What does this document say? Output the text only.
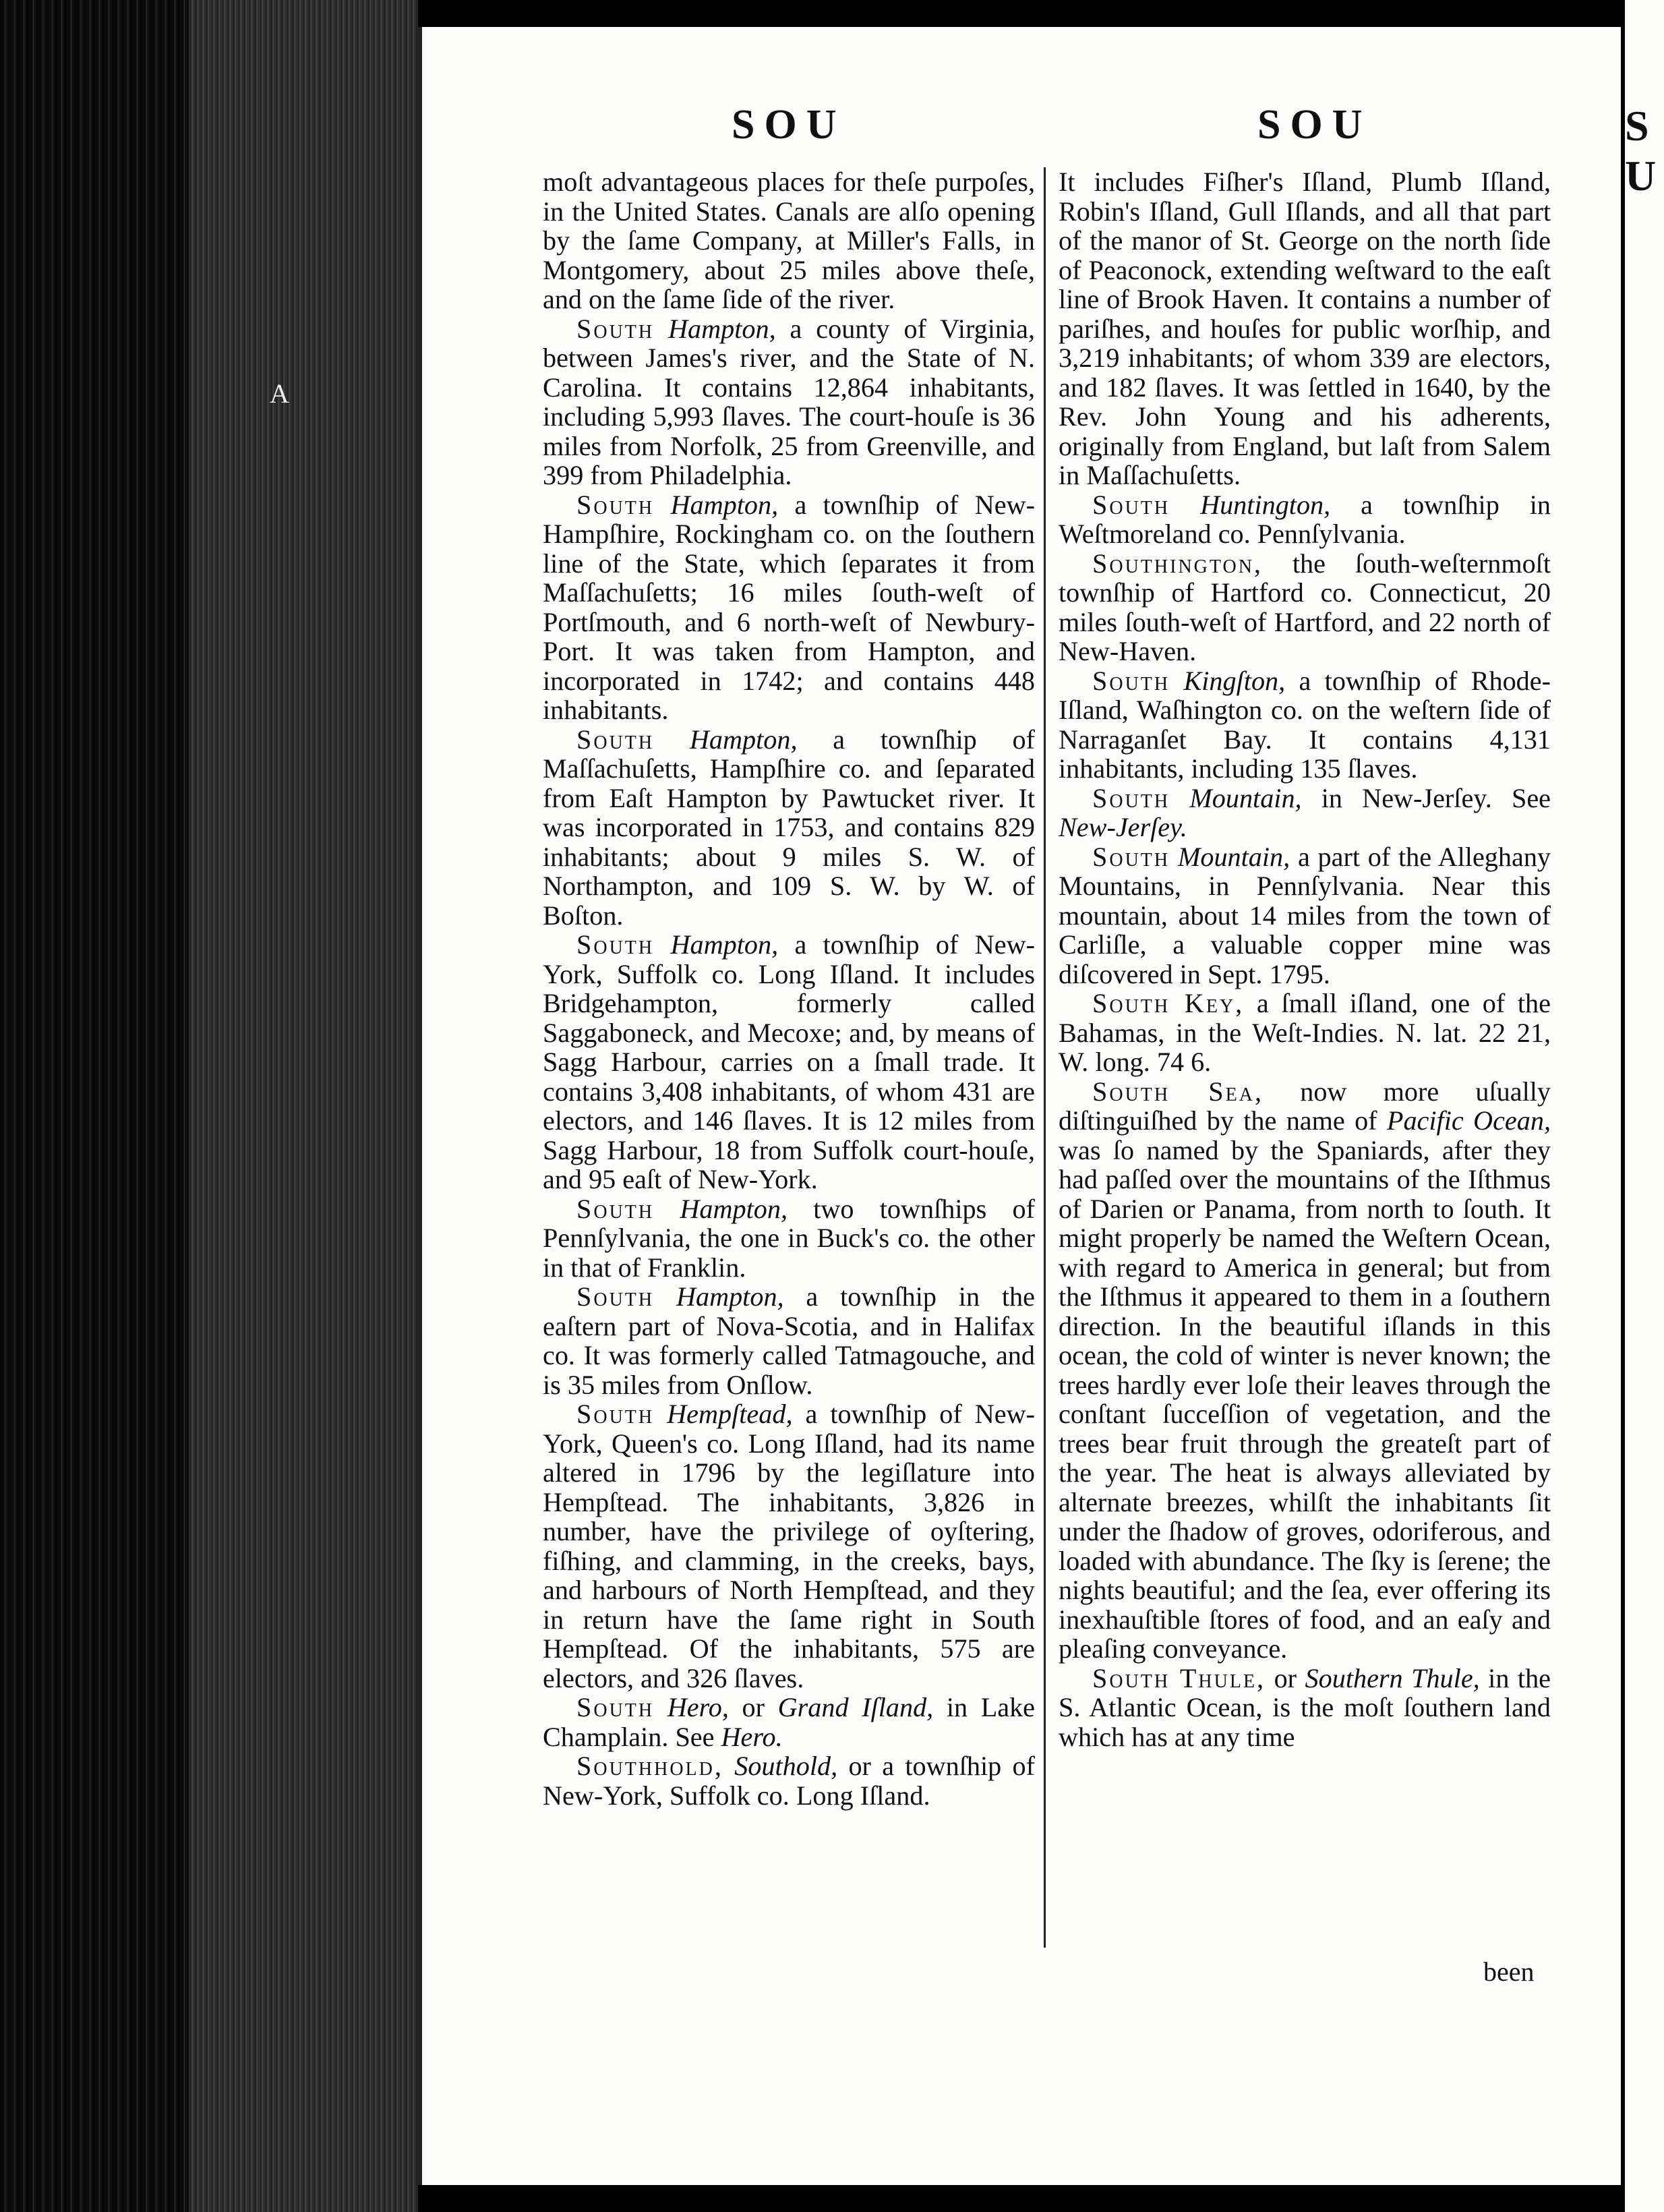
A
S U
SOU	SOU

moſt advantageous places for theſe purpoſes, in the United States. Canals are alſo opening by the ſame Company, at Miller's Falls, in Montgomery, about 25 miles above theſe, and on the ſame ſide of the river.

South Hampton, a county of Virginia, between James's river, and the State of N. Carolina. It contains 12,864 inhabitants, including 5,993 ſlaves. The court-houſe is 36 miles from Norfolk, 25 from Greenville, and 399 from Philadelphia.

South Hampton, a townſhip of New-Hampſhire, Rockingham co. on the ſouthern line of the State, which ſeparates it from Maſſachuſetts; 16 miles ſouth-weſt of Portſmouth, and 6 north-weſt of Newbury-Port. It was taken from Hampton, and incorporated in 1742; and contains 448 inhabitants.

South Hampton, a townſhip of Maſſachuſetts, Hampſhire co. and ſeparated from Eaſt Hampton by Pawtucket river. It was incorporated in 1753, and contains 829 inhabitants; about 9 miles S. W. of Northampton, and 109 S. W. by W. of Boſton.

South Hampton, a townſhip of New-York, Suffolk co. Long Iſland. It includes Bridgehampton, formerly called Saggaboneck, and Mecoxe; and, by means of Sagg Harbour, carries on a ſmall trade. It contains 3,408 inhabitants, of whom 431 are electors, and 146 ſlaves. It is 12 miles from Sagg Harbour, 18 from Suffolk court-houſe, and 95 eaſt of New-York.

South Hampton, two townſhips of Pennſylvania, the one in Buck's co. the other in that of Franklin.

South Hampton, a townſhip in the eaſtern part of Nova-Scotia, and in Halifax co. It was formerly called Tatmagouche, and is 35 miles from Onſlow.

South Hempſtead, a townſhip of New-York, Queen's co. Long Iſland, had its name altered in 1796 by the legiſlature into Hempſtead. The inhabitants, 3,826 in number, have the privilege of oyſtering, fiſhing, and clamming, in the creeks, bays, and harbours of North Hempſtead, and they in return have the ſame right in South Hempſtead. Of the inhabitants, 575 are electors, and 326 ſlaves.

South Hero, or Grand Iſland, in Lake Champlain. See Hero.

Southhold, Southold, or a townſhip of New-York, Suffolk co. Long Iſland.

It includes Fiſher's Iſland, Plumb Iſland, Robin's Iſland, Gull Iſlands, and all that part of the manor of St. George on the north ſide of Peaconock, extending weſtward to the eaſt line of Brook Haven. It contains a number of pariſhes, and houſes for public worſhip, and 3,219 inhabitants; of whom 339 are electors, and 182 ſlaves. It was ſettled in 1640, by the Rev. John Young and his adherents, originally from England, but laſt from Salem in Maſſachuſetts.

South Huntington, a townſhip in Weſtmoreland co. Pennſylvania.

Southington, the ſouth-weſternmoſt townſhip of Hartford co. Connecticut, 20 miles ſouth-weſt of Hartford, and 22 north of New-Haven.

South Kingſton, a townſhip of Rhode-Iſland, Waſhington co. on the weſtern ſide of Narraganſet Bay. It contains 4,131 inhabitants, including 135 ſlaves.

South Mountain, in New-Jerſey. See New-Jerſey.

South Mountain, a part of the Alleghany Mountains, in Pennſylvania. Near this mountain, about 14 miles from the town of Carliſle, a valuable copper mine was diſcovered in Sept. 1795.

South Key, a ſmall iſland, one of the Bahamas, in the Weſt-Indies. N. lat. 22 21, W. long. 74 6.

South Sea, now more uſually diſtinguiſhed by the name of Pacific Ocean, was ſo named by the Spaniards, after they had paſſed over the mountains of the Iſthmus of Darien or Panama, from north to ſouth. It might properly be named the Weſtern Ocean, with regard to America in general; but from the Iſthmus it appeared to them in a ſouthern direction. In the beautiful iſlands in this ocean, the cold of winter is never known; the trees hardly ever loſe their leaves through the conſtant ſucceſſion of vegetation, and the trees bear fruit through the greateſt part of the year. The heat is always alleviated by alternate breezes, whilſt the inhabitants ſit under the ſhadow of groves, odoriferous, and loaded with abundance. The ſky is ſerene; the nights beautiful; and the ſea, ever offering its inexhauſtible ſtores of food, and an eaſy and pleaſing conveyance.

South Thule, or Southern Thule, in the S. Atlantic Ocean, is the moſt ſouthern land which has at any time

been
